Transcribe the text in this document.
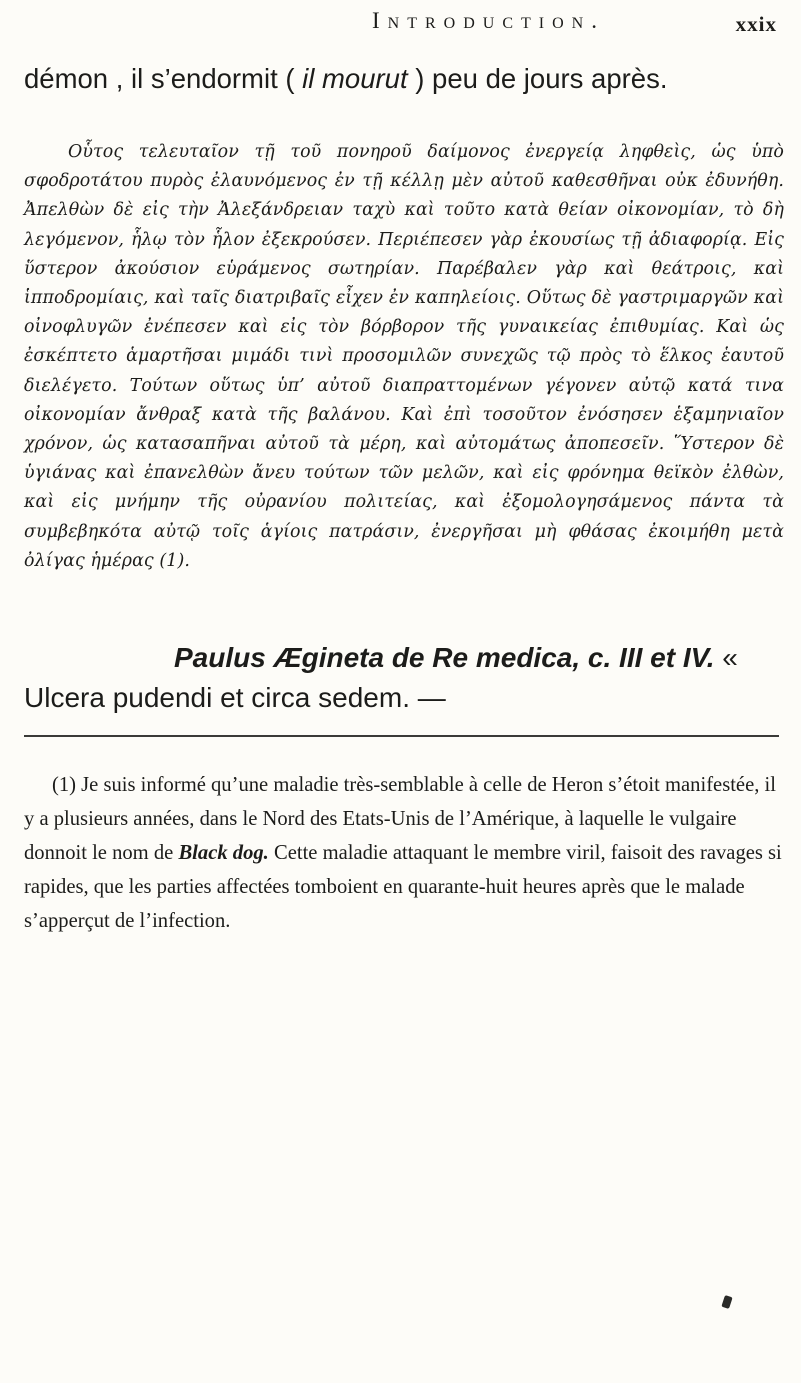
Introduction.	xxix

démon , il s’endormit ( il mourut ) peu de jours après.

Οὗτος τελευταῖον τῇ τοῦ πονηροῦ δαίμονος ἐνεργείᾳ ληφθεὶς, ὡς ὑπὸ σφοδροτάτου πυρὸς ἐλαυνόμενος ἐν τῇ κέλλῃ μὲν αὐτοῦ καθεσθῆναι οὐκ ἐδυνήθη. Ἀπελθὼν δὲ εἰς τὴν Ἀλεξάνδρειαν ταχὺ καὶ τοῦτο κατὰ θείαν οἰκονομίαν, τὸ δὴ λεγόμενον, ἧλῳ τὸν ἧλον ἐξεκρούσεν. Περιέπεσεν γὰρ ἐκουσίως τῇ ἀδιαφορίᾳ. Εἰς ὕστερον ἀκούσιον εὑράμενος σωτηρίαν. Παρέβαλεν γὰρ καὶ θεάτροις, καὶ ἱπποδρομίαις, καὶ ταῖς διατριβαῖς εἶχεν ἐν καπηλείοις. Οὕτως δὲ γαστριμαργῶν καὶ οἰνοφλυγῶν ἐνέπεσεν καὶ εἰς τὸν βόρβορον τῆς γυναικείας ἐπιθυμίας. Καὶ ὡς ἐσκέπτετο ἁμαρτῆσαι μιμάδι τινὶ προσομιλῶν συνεχῶς τῷ πρὸς τὸ ἕλκος ἑαυτοῦ διελέγετο. Τούτων οὕτως ὑπ’ αὐτοῦ διαπραττομένων γέγονεν αὐτῷ κατά τινα οἰκονομίαν ἄνθραξ κατὰ τῆς βαλάνου. Καὶ ἐπὶ τοσοῦτον ἐνόσησεν ἑξαμηνιαῖον χρόνον, ὡς κατασαπῆναι αὐτοῦ τὰ μέρη, καὶ αὐτομάτως ἀποπεσεῖν. Ὕστερον δὲ ὑγιάνας καὶ ἐπανελθὼν ἄνευ τούτων τῶν μελῶν, καὶ εἰς φρόνημα θεϊκὸν ἐλθὼν, καὶ εἰς μνήμην τῆς οὐρανίου πολιτείας, καὶ ἐξομολογησάμενος πάντα τὰ συμβεβηκότα αὐτῷ τοῖς ἁγίοις πατράσιν, ἐνεργῆσαι μὴ φθάσας ἐκοιμήθη μετὰ ὀλίγας ἡμέρας (1).

Paulus Ægineta de Re medica, c. III et IV. « Ulcera pudendi et circa sedem. —

(1) Je suis informé qu’une maladie très-semblable à celle de Heron s’étoit manifestée, il y a plusieurs années, dans le Nord des Etats-Unis de l’Amérique, à laquelle le vulgaire donnoit le nom de Black dog. Cette maladie attaquant le membre viril, faisoit des ravages si rapides, que les parties affectées tomboient en quarante-huit heures après que le malade s’apperçut de l’infection.
